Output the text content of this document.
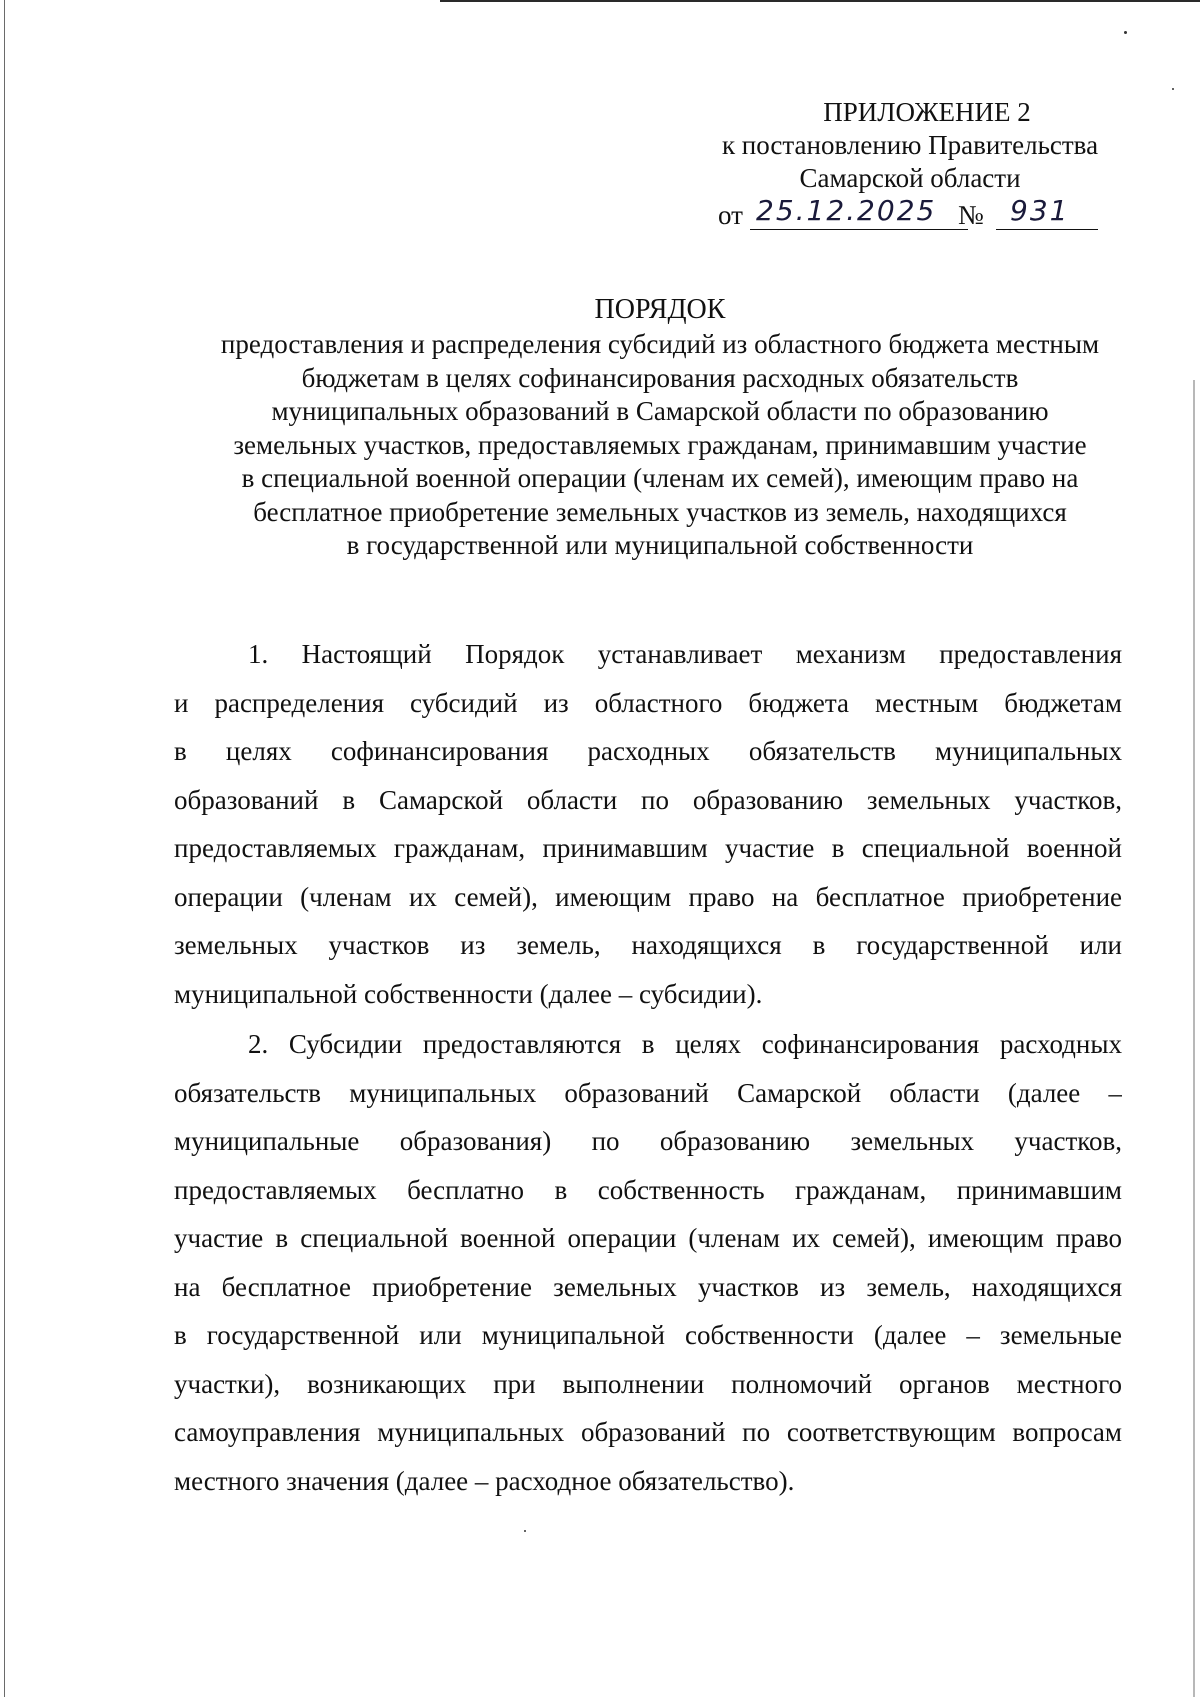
ПРИЛОЖЕНИЕ 2
к постановлению Правительства
Самарской области
от 25.12.2025 № 931
ПОРЯДОК
предоставления и распределения субсидий из областного бюджета местным
бюджетам в целях софинансирования расходных обязательств
муниципальных образований в Самарской области по образованию
земельных участков, предоставляемых гражданам, принимавшим участие
в специальной военной операции (членам их семей), имеющим право на
бесплатное приобретение земельных участков из земель, находящихся
в государственной или муниципальной собственности
1. Настоящий Порядок устанавливает механизм предоставления
и распределения субсидий из областного бюджета местным бюджетам
в целях софинансирования расходных обязательств муниципальных
образований в Самарской области по образованию земельных участков,
предоставляемых гражданам, принимавшим участие в специальной военной
операции (членам их семей), имеющим право на бесплатное приобретение
земельных участков из земель, находящихся в государственной или
муниципальной собственности (далее – субсидии).
2. Субсидии предоставляются в целях софинансирования расходных
обязательств муниципальных образований Самарской области (далее –
муниципальные образования) по образованию земельных участков,
предоставляемых бесплатно в собственность гражданам, принимавшим
участие в специальной военной операции (членам их семей), имеющим право
на бесплатное приобретение земельных участков из земель, находящихся
в государственной или муниципальной собственности (далее – земельные
участки), возникающих при выполнении полномочий органов местного
самоуправления муниципальных образований по соответствующим вопросам
местного значения (далее – расходное обязательство).
